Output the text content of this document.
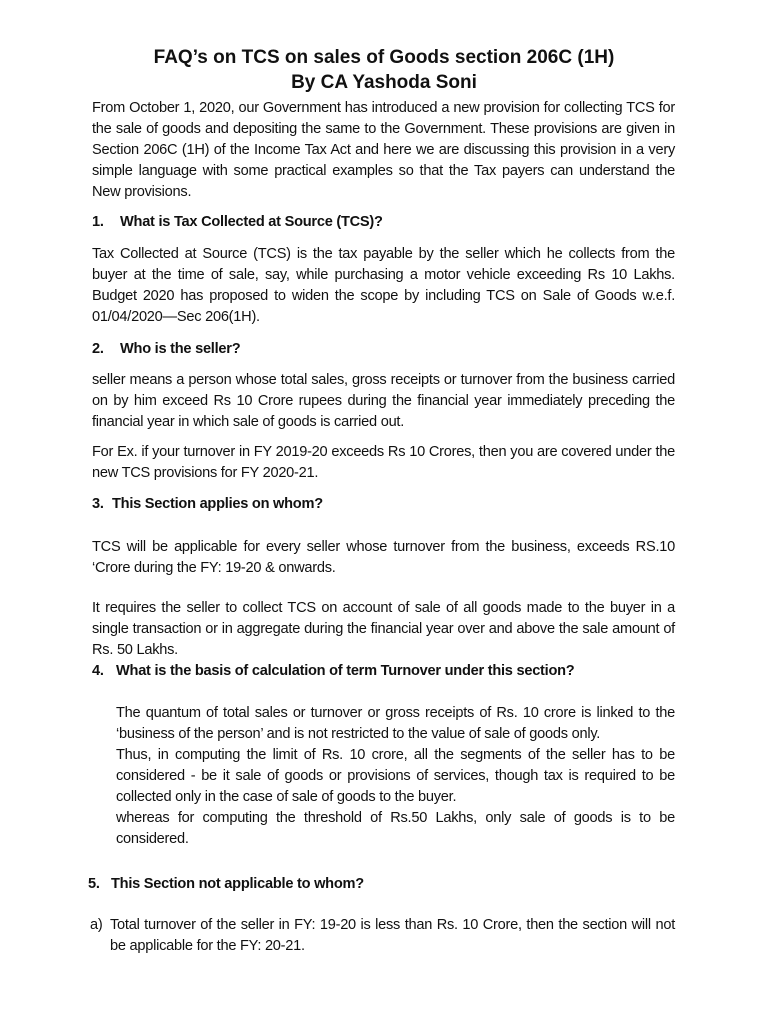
FAQ’s on TCS on sales of Goods section 206C (1H)
By CA Yashoda Soni

From October 1, 2020, our Government has introduced a new provision for collecting TCS for the sale of goods and depositing the same to the Government. These provisions are given in Section 206C (1H) of the Income Tax Act and here we are discussing this provision in a very simple language with some practical examples so that the Tax payers can understand the New provisions.

1. What is Tax Collected at Source (TCS)?

Tax Collected at Source (TCS) is the tax payable by the seller which he collects from the buyer at the time of sale, say, while purchasing a motor vehicle exceeding Rs 10 Lakhs. Budget 2020 has proposed to widen the scope by including TCS on Sale of Goods w.e.f. 01/04/2020—Sec 206(1H).

2. Who is the seller?

seller means a person whose total sales, gross receipts or turnover from the business carried on by him exceed Rs 10 Crore rupees during the financial year immediately preceding the financial year in which sale of goods is carried out.

For Ex. if your turnover in FY 2019-20 exceeds Rs 10 Crores, then you are covered under the new TCS provisions for FY 2020-21.

3. This Section applies on whom?

TCS will be applicable for every seller whose turnover from the business, exceeds RS.10 ‘Crore during the FY: 19-20 & onwards.

It requires the seller to collect TCS on account of sale of all goods made to the buyer in a single transaction or in aggregate during the financial year over and above the sale amount of Rs. 50 Lakhs.

4. What is the basis of calculation of term Turnover under this section?

The quantum of total sales or turnover or gross receipts of Rs. 10 crore is linked to the ‘business of the person’ and is not restricted to the value of sale of goods only.

Thus, in computing the limit of Rs. 10 crore, all the segments of the seller has to be considered - be it sale of goods or provisions of services, though tax is required to be collected only in the case of sale of goods to the buyer.

whereas for computing the threshold of Rs.50 Lakhs, only sale of goods is to be considered.

5. This Section not applicable to whom?

a) Total turnover of the seller in FY: 19-20 is less than Rs. 10 Crore, then the section will not be applicable for the FY: 20-21.
